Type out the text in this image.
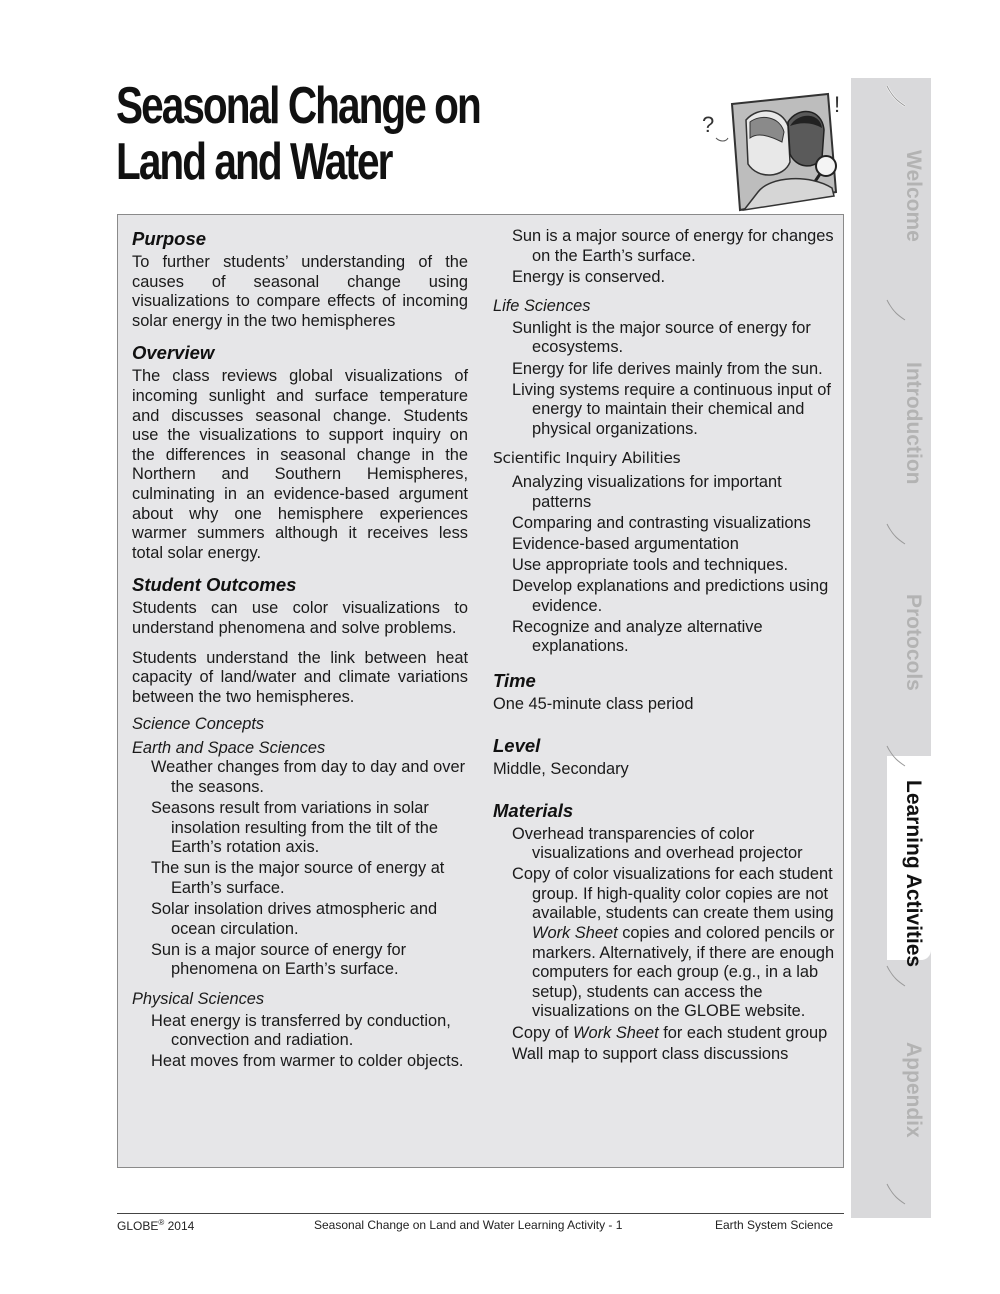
Seasonal Change on
Land and Water
?
!
Purpose

To further students’ understanding of the causes of seasonal change using visualizations to compare effects of incoming solar energy in the two hemispheres

Overview

The class reviews global visualizations of incoming sunlight and surface temperature and discusses seasonal change. Students use the visualizations to support inquiry on the differences in seasonal change in the Northern and Southern Hemispheres, culminating in an evidence-based argument about why one hemisphere experiences warmer summers although it receives less total solar energy.

Student Outcomes

Students can use color visualizations to understand phenomena and solve problems.

Students understand the link between heat capacity of land/water and climate variations between the two hemispheres.

Science Concepts
Earth and Space Sciences
Weather changes from day to day and over the seasons.
Seasons result from variations in solar insolation resulting from the tilt of the Earth’s rotation axis.
The sun is the major source of energy at Earth’s surface.
Solar insolation drives atmospheric and ocean circulation.
Sun is a major source of energy for phenomena on Earth’s surface.
Physical Sciences
Heat energy is transferred by conduction, convection and radiation.
Heat moves from warmer to colder objects.
Sun is a major source of energy for changes on the Earth’s surface.
Energy is conserved.
Life Sciences
Sunlight is the major source of energy for ecosystems.
Energy for life derives mainly from the sun.
Living systems require a continuous input of energy to maintain their chemical and physical organizations.
Scientific Inquiry Abilities
Analyzing visualizations for important patterns
Comparing and contrasting visualizations
Evidence-based argumentation
Use appropriate tools and techniques.
Develop explanations and predictions using evidence.
Recognize and analyze alternative explanations.
Time

One 45-minute class period

Level

Middle, Secondary

Materials
Overhead transparencies of color visualizations and overhead projector
Copy of color visualizations for each student group. If high-quality color copies are not available, students can create them using Work Sheet copies and colored pencils or markers. Alternatively, if there are enough computers for each group (e.g., in a lab setup), students can access the visualizations on the GLOBE website.
Copy of Work Sheet for each student group
Wall map to support class discussions
Welcome
Introduction
Protocols
Learning Activities
Appendix
GLOBE® 2014	Seasonal Change on Land and Water Learning Activity - 1	Earth System Science
